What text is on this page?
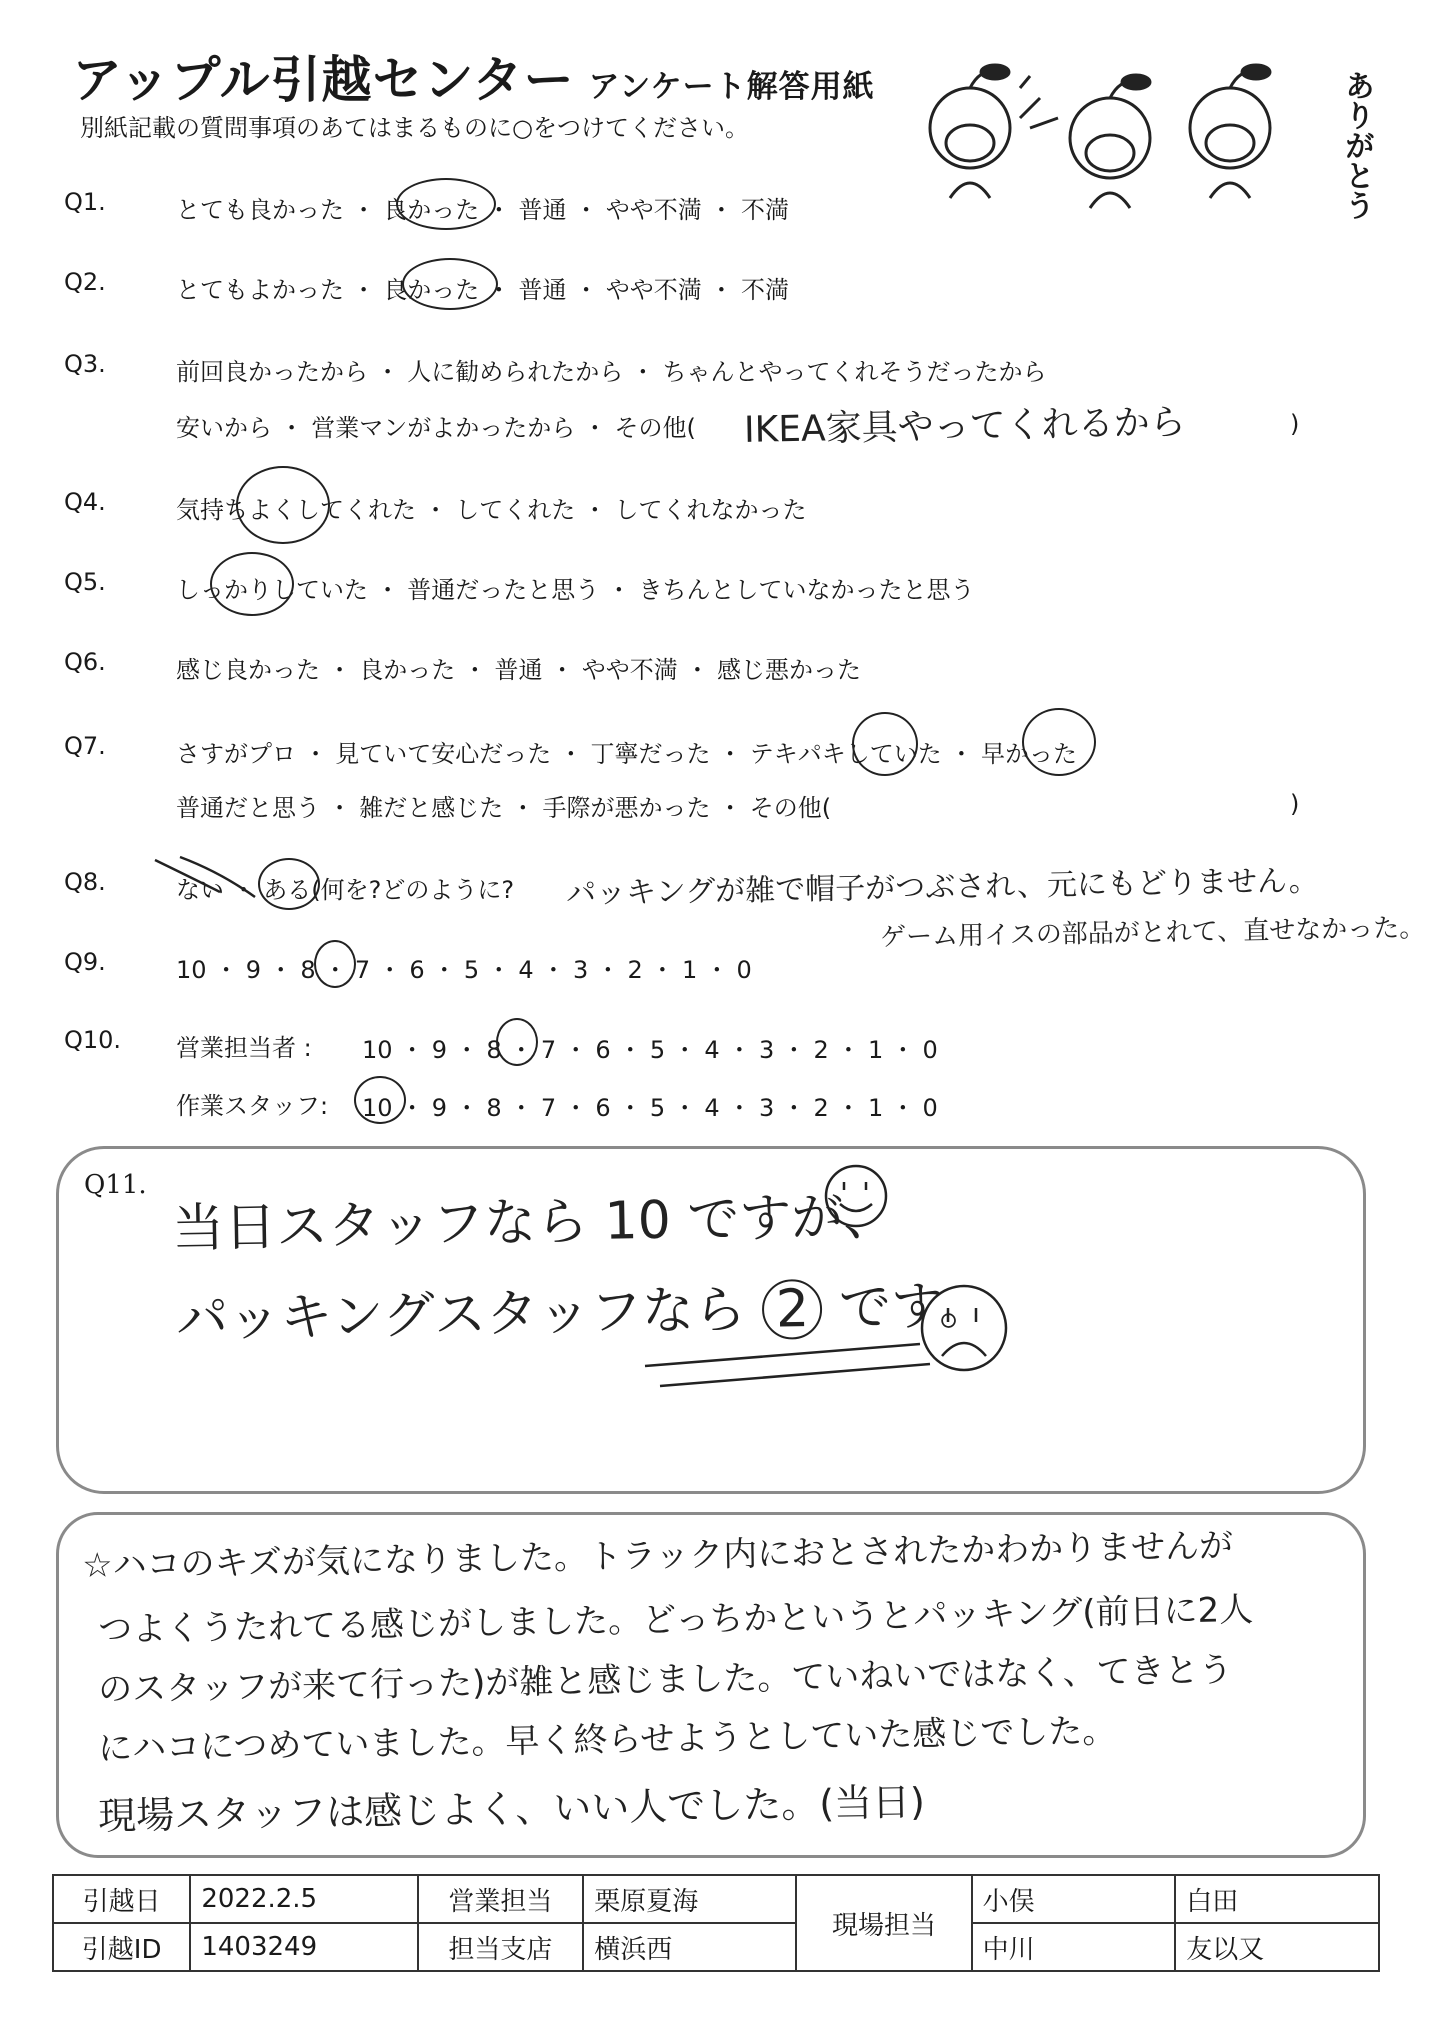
アップル引越センター アンケート解答用紙
別紙記載の質問事項のあてはまるものに○をつけてください。	ありがとう
Q1.	とても良かった ・ 良かった ・ 普通 ・ やや不満 ・ 不満
Q2.	とてもよかった ・ 良かった ・ 普通 ・ やや不満 ・ 不満
Q3.	前回良かったから ・ 人に勧められたから ・ ちゃんとやってくれそうだったから
安いから ・ 営業マンがよかったから ・ その他( IKEA家具やってくれるから	)
Q4.	気持ちよくしてくれた ・ してくれた ・ してくれなかった
Q5.	しっかりしていた ・ 普通だったと思う ・ きちんとしていなかったと思う
Q6.	感じ良かった ・ 良かった ・ 普通 ・ やや不満 ・ 感じ悪かった
Q7.	さすがプロ ・ 見ていて安心だった ・ 丁寧だった ・ テキパキしていた ・ 早かった
普通だと思う ・ 雑だと感じた ・ 手際が悪かった ・ その他(	)
Q8.	ない ・ ある(何を?どのように? パッキングが雑で帽子がつぶされ、元にもどりません。
ゲーム用イスの部品がとれて、直せなかった。
Q9.	10 ・ 9 ・ 8 ・ 7 ・ 6 ・ 5 ・ 4 ・ 3 ・ 2 ・ 1 ・ 0
Q10. 営業担当者 : 10 ・ 9 ・ 8 ・ 7 ・ 6 ・ 5 ・ 4 ・ 3 ・ 2 ・ 1 ・ 0
作業スタッフ: 10 ・ 9 ・ 8 ・ 7 ・ 6 ・ 5 ・ 4 ・ 3 ・ 2 ・ 1 ・ 0
Q11.
当日スタッフなら 10 ですが、
パッキングスタッフなら 2 です。
☆ハコのキズが気になりました。トラック内におとされたかわかりませんが
つよくうたれてる感じがしました。どっちかというとパッキング(前日に2人
のスタッフが来て行った)が雑と感じました。ていねいではなく、てきとう
にハコにつめていました。早く終らせようとしていた感じでした。
現場スタッフは感じよく、いい人でした。(当日)
引越日	2022.2.5	営業担当	栗原夏海	現場担当	小俣	白田
引越ID	1403249	担当支店	横浜西		中川	友以又
